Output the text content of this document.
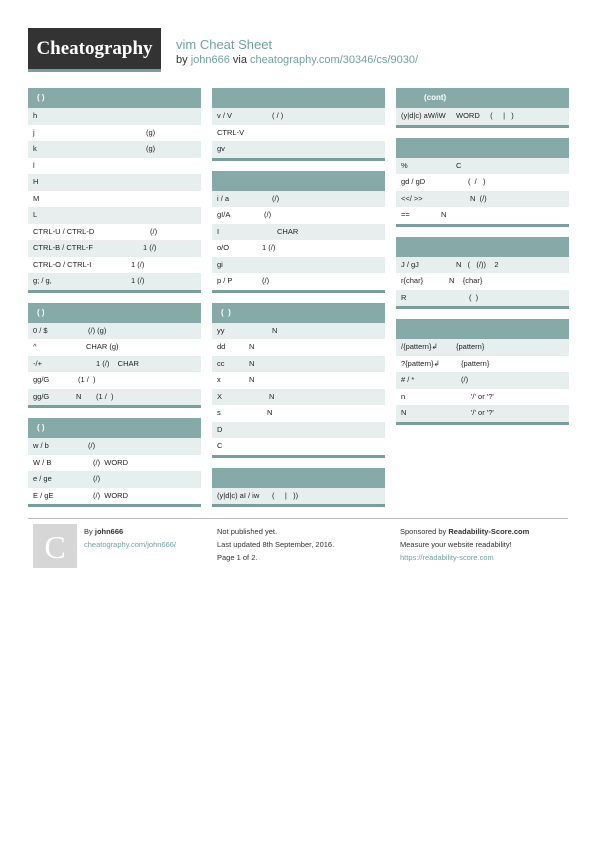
Cheatography	vim Cheat Sheet
by john666 via cheatography.com/30346/cs/9030/
( )
h
j	(g)
k	(g)
l
H
M
L
CTRL-U / CTRL-D	(/)
CTRL-B / CTRL-F	1 (/)
CTRL-O / CTRL-I	1 (/)
g; / g,	1 (/)
( )
0 / $	(/) (g)
^	CHAR (g)
-/+	1 (/)    CHAR
gg/G	(1 /  )
gg/G	N       (1 /  )
( )
w / b	(/)
W / B	(/)  WORD
e / ge	(/)
E / gE	(/)  WORD
v / V	( / )
CTRL-V
gv
i / a	(/)
gI/A	(/)
I	CHAR
o/O	1 (/)
gi
p / P	(/)
(  )
yy	N
dd	N
cc	N
x	N
X	N
s	N
D
C
(y|d|c) aI / iw (     |   ))
(cont)
(y|d|c) aW/iW WORD     (     |   )
%	C
gd / gD	(  /   )
<</ >>	N  (/)
==	N
J / gJ	N   (   (/))    2
r{char}	N    {char}
R	(  )
/{pattern}↲ {pattern}
?{pattern}↲	{pattern}
# / *	(/)
n	'/' or '?'
N	'/' or '?'
C	By john666
cheatography.com/john666/
Not published yet.
Last updated 8th September, 2016.
Page 1 of 2.
Sponsored by Readability-Score.com
Measure your website readability!
https://readability-score.com
